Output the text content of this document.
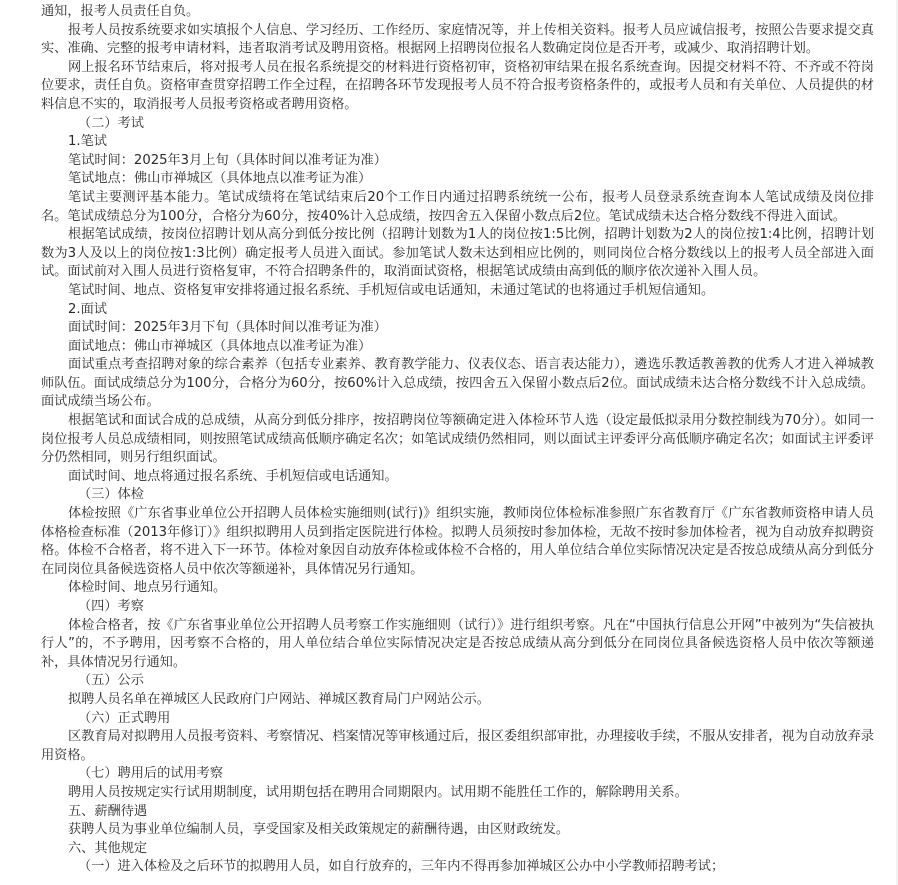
通知，报考人员责任自负。

报考人员按系统要求如实填报个人信息、学习经历、工作经历、家庭情况等，并上传相关资料。报考人员应诚信报考，按照公告要求提交真实、准确、完整的报考申请材料，违者取消考试及聘用资格。根据网上招聘岗位报名人数确定岗位是否开考，或减少、取消招聘计划。

网上报名环节结束后，将对报考人员在报名系统提交的材料进行资格初审，资格初审结果在报名系统查询。因提交材料不符、不齐或不符岗位要求，责任自负。资格审查贯穿招聘工作全过程，在招聘各环节发现报考人员不符合报考资格条件的，或报考人员和有关单位、人员提供的材料信息不实的，取消报考人员报考资格或者聘用资格。

（二）考试

1.笔试

笔试时间：2025年3月上旬（具体时间以准考证为准）

笔试地点：佛山市禅城区（具体地点以准考证为准）

笔试主要测评基本能力。笔试成绩将在笔试结束后20个工作日内通过招聘系统统一公布，报考人员登录系统查询本人笔试成绩及岗位排名。笔试成绩总分为100分，合格分为60分，按40%计入总成绩，按四舍五入保留小数点后2位。笔试成绩未达合格分数线不得进入面试。

根据笔试成绩，按岗位招聘计划从高分到低分按比例（招聘计划数为1人的岗位按1:5比例，招聘计划数为2人的岗位按1:4比例，招聘计划数为3人及以上的岗位按1:3比例）确定报考人员进入面试。参加笔试人数未达到相应比例的，则同岗位合格分数线以上的报考人员全部进入面试。面试前对入围人员进行资格复审，不符合招聘条件的，取消面试资格，根据笔试成绩由高到低的顺序依次递补入围人员。

笔试时间、地点、资格复审安排将通过报名系统、手机短信或电话通知，未通过笔试的也将通过手机短信通知。

2.面试

面试时间：2025年3月下旬（具体时间以准考证为准）

面试地点：佛山市禅城区（具体地点以准考证为准）

面试重点考查招聘对象的综合素养（包括专业素养、教育教学能力、仪表仪态、语言表达能力），遴选乐教适教善教的优秀人才进入禅城教师队伍。面试成绩总分为100分，合格分为60分，按60%计入总成绩，按四舍五入保留小数点后2位。面试成绩未达合格分数线不计入总成绩。面试成绩当场公布。

根据笔试和面试合成的总成绩，从高分到低分排序，按招聘岗位等额确定进入体检环节人选（设定最低拟录用分数控制线为70分）。如同一岗位报考人员总成绩相同，则按照笔试成绩高低顺序确定名次；如笔试成绩仍然相同，则以面试主评委评分高低顺序确定名次；如面试主评委评分仍然相同，则另行组织面试。

面试时间、地点将通过报名系统、手机短信或电话通知。

（三）体检

体检按照《广东省事业单位公开招聘人员体检实施细则(试行)》组织实施，教师岗位体检标准参照广东省教育厅《广东省教师资格申请人员体格检查标准（2013年修订）》组织拟聘用人员到指定医院进行体检。拟聘人员须按时参加体检，无故不按时参加体检者，视为自动放弃拟聘资格。体检不合格者，将不进入下一环节。体检对象因自动放弃体检或体检不合格的，用人单位结合单位实际情况决定是否按总成绩从高分到低分在同岗位具备候选资格人员中依次等额递补，具体情况另行通知。

体检时间、地点另行通知。

（四）考察

体检合格者，按《广东省事业单位公开招聘人员考察工作实施细则（试行）》进行组织考察。凡在“中国执行信息公开网”中被列为“失信被执行人”的，不予聘用，因考察不合格的，用人单位结合单位实际情况决定是否按总成绩从高分到低分在同岗位具备候选资格人员中依次等额递补，具体情况另行通知。

（五）公示

拟聘人员名单在禅城区人民政府门户网站、禅城区教育局门户网站公示。

（六）正式聘用

区教育局对拟聘用人员报考资料、考察情况、档案情况等审核通过后，报区委组织部审批，办理接收手续，不服从安排者，视为自动放弃录用资格。

（七）聘用后的试用考察

聘用人员按规定实行试用期制度，试用期包括在聘用合同期限内。试用期不能胜任工作的，解除聘用关系。

五、薪酬待遇

获聘人员为事业单位编制人员，享受国家及相关政策规定的薪酬待遇，由区财政统发。

六、其他规定

（一）进入体检及之后环节的拟聘用人员，如自行放弃的，三年内不得再参加禅城区公办中小学教师招聘考试；
